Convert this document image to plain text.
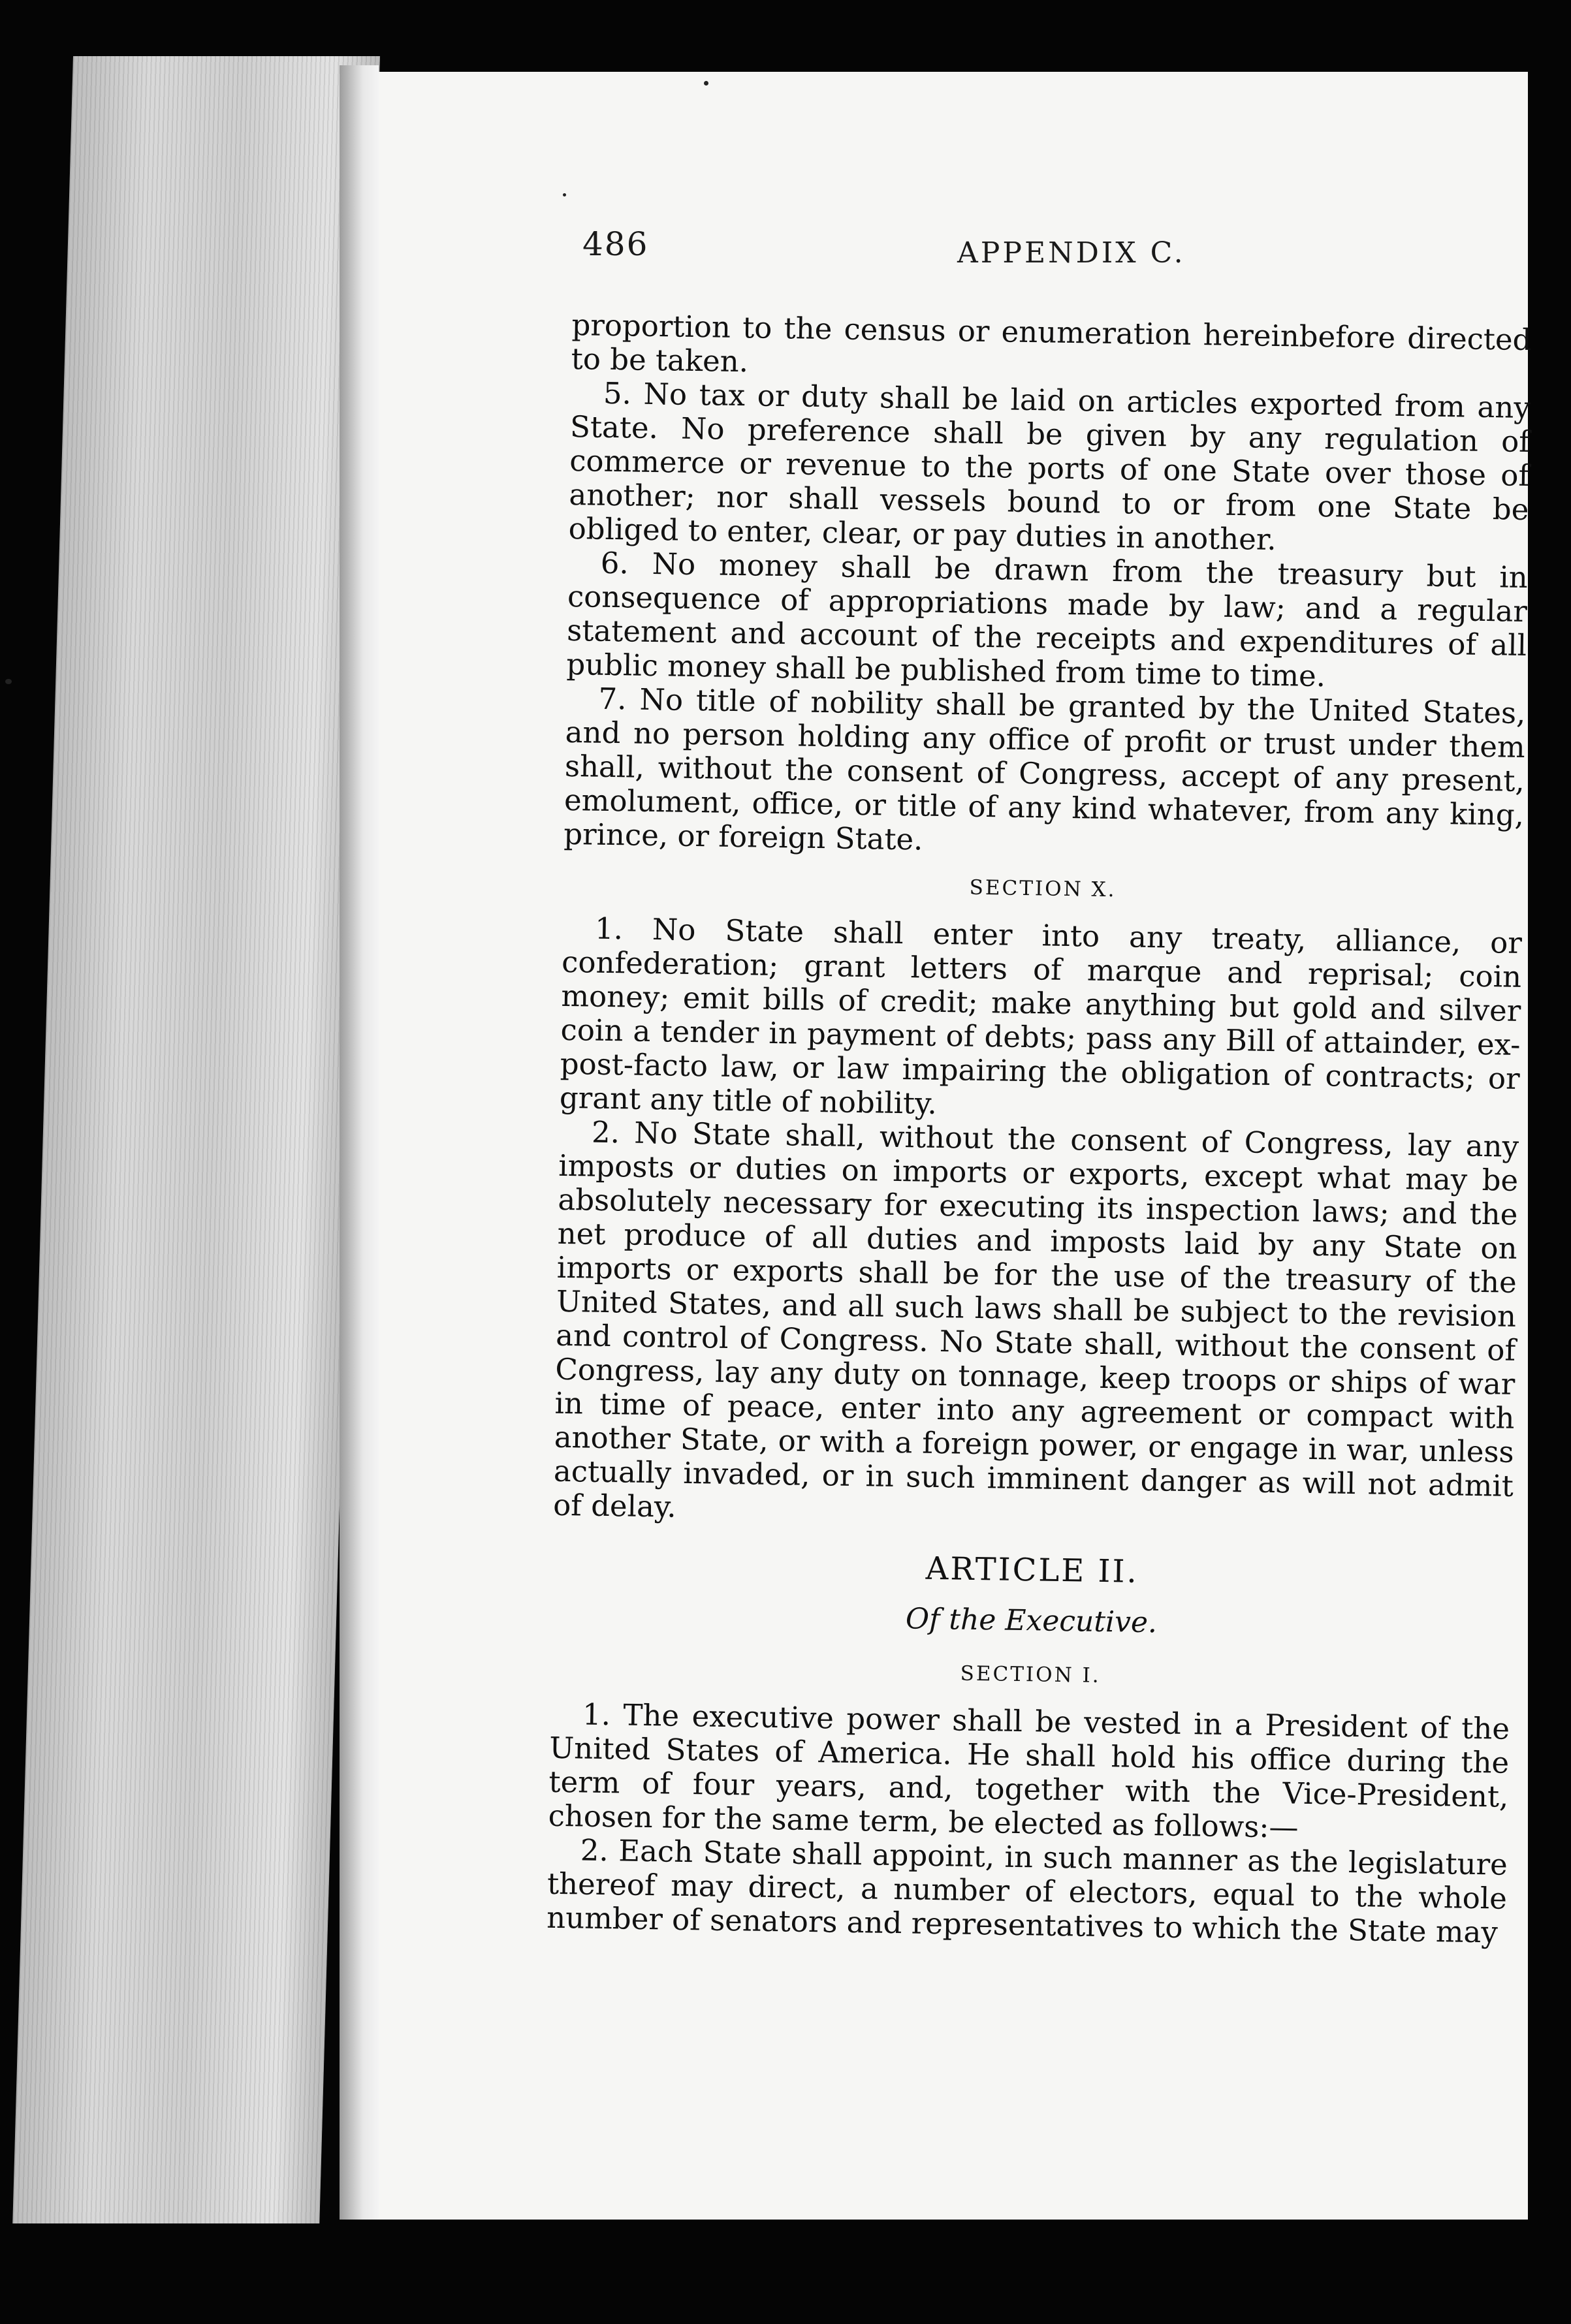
486	APPENDIX C.

proportion to the census or enumeration hereinbefore directed to be taken.

5. No tax or duty shall be laid on articles exported from any State. No preference shall be given by any regulation of commerce or revenue to the ports of one State over those of another; nor shall vessels bound to or from one State be obliged to enter, clear, or pay duties in another.

6. No money shall be drawn from the treasury but in consequence of appropriations made by law; and a regular statement and account of the receipts and expenditures of all public money shall be published from time to time.

7. No title of nobility shall be granted by the United States, and no person holding any office of profit or trust under them shall, without the consent of Congress, accept of any present, emolument, office, or title of any kind whatever, from any king, prince, or foreign State.

SECTION X.

1. No State shall enter into any treaty, alliance, or confederation; grant letters of marque and reprisal; coin money; emit bills of credit; make anything but gold and silver coin a tender in payment of debts; pass any Bill of attainder, ex-post-facto law, or law impairing the obligation of contracts; or grant any title of nobility.

2. No State shall, without the consent of Congress, lay any imposts or duties on imports or exports, except what may be absolutely necessary for executing its inspection laws; and the net produce of all duties and imposts laid by any State on imports or exports shall be for the use of the treasury of the United States, and all such laws shall be subject to the revision and control of Congress. No State shall, without the consent of Congress, lay any duty on tonnage, keep troops or ships of war in time of peace, enter into any agreement or compact with another State, or with a foreign power, or engage in war, unless actually invaded, or in such imminent danger as will not admit of delay.

ARTICLE II.
Of the Executive.
SECTION I.

1. The executive power shall be vested in a President of the United States of America. He shall hold his office during the term of four years, and, together with the Vice-President, chosen for the same term, be elected as follows:—

2. Each State shall appoint, in such manner as the legislature thereof may direct, a number of electors, equal to the whole number of senators and representatives to which the State may
